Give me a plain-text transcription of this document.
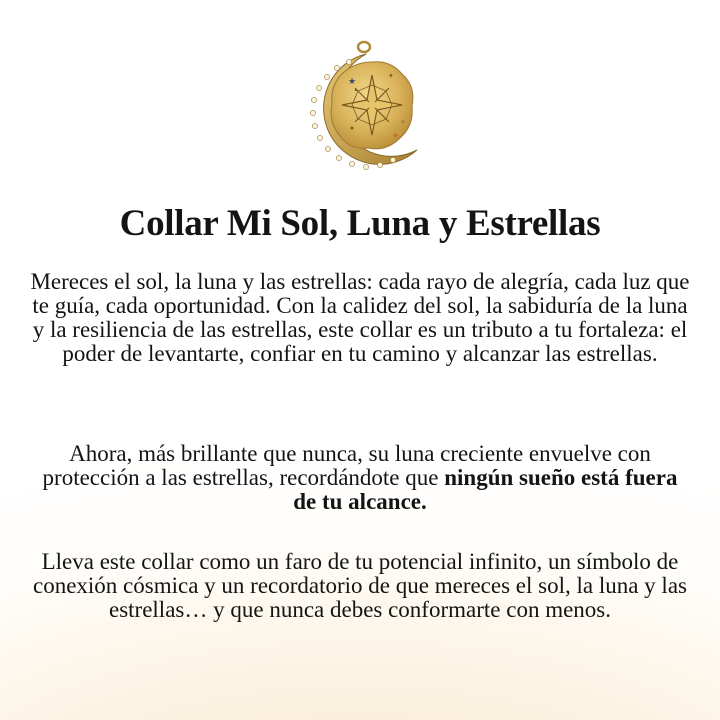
★
✦
★
✧
Collar Mi Sol, Luna y Estrellas

Mereces el sol, la luna y las estrellas: cada rayo de alegría, cada luz que te guía, cada oportunidad. Con la calidez del sol, la sabiduría de la luna y la resiliencia de las estrellas, este collar es un tributo a tu fortaleza: el poder de levantarte, confiar en tu camino y alcanzar las estrellas.

Ahora, más brillante que nunca, su luna creciente envuelve con protección a las estrellas, recordándote que ningún sueño está fuera de tu alcance.

Lleva este collar como un faro de tu potencial infinito, un símbolo de conexión cósmica y un recordatorio de que mereces el sol, la luna y las estrellas… y que nunca debes conformarte con menos.
